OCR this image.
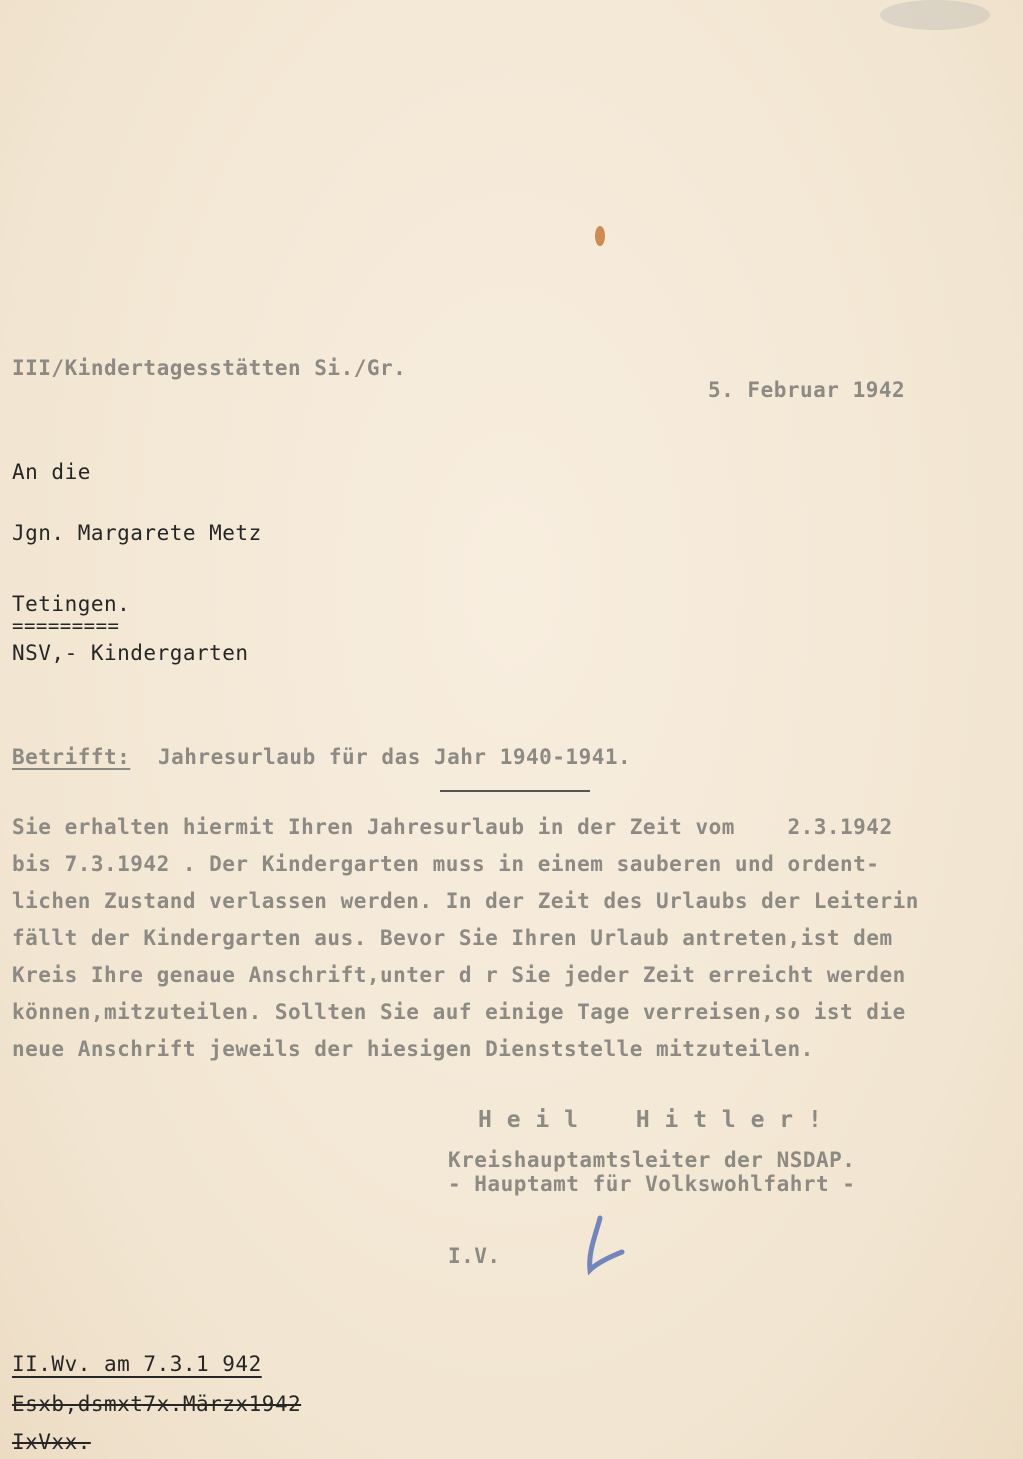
III/Kindertagesstätten Si./Gr.
5. Februar 1942
An die
Jgn. Margarete Metz
Tetingen.
=========
NSV,- Kindergarten
Betrifft: Jahresurlaub für das Jahr 1940-1941.
Sie erhalten hiermit Ihren Jahresurlaub in der Zeit vom    2.3.1942
bis 7.3.1942 . Der Kindergarten muss in einem sauberen und ordent-
lichen Zustand verlassen werden. In der Zeit des Urlaubs der Leiterin
fällt der Kindergarten aus. Bevor Sie Ihren Urlaub antreten,ist dem
Kreis Ihre genaue Anschrift,unter d r Sie jeder Zeit erreicht werden
können,mitzuteilen. Sollten Sie auf einige Tage verreisen,so ist die
neue Anschrift jeweils der hiesigen Dienststelle mitzuteilen.
H e i l    H i t l e r !
Kreishauptamtsleiter der NSDAP.
- Hauptamt für Volkswohlfahrt -
I.V.
II.Wv. am 7.3.1 942
Esxb,dsmxt7x.Märzx1942
IxVxx.
